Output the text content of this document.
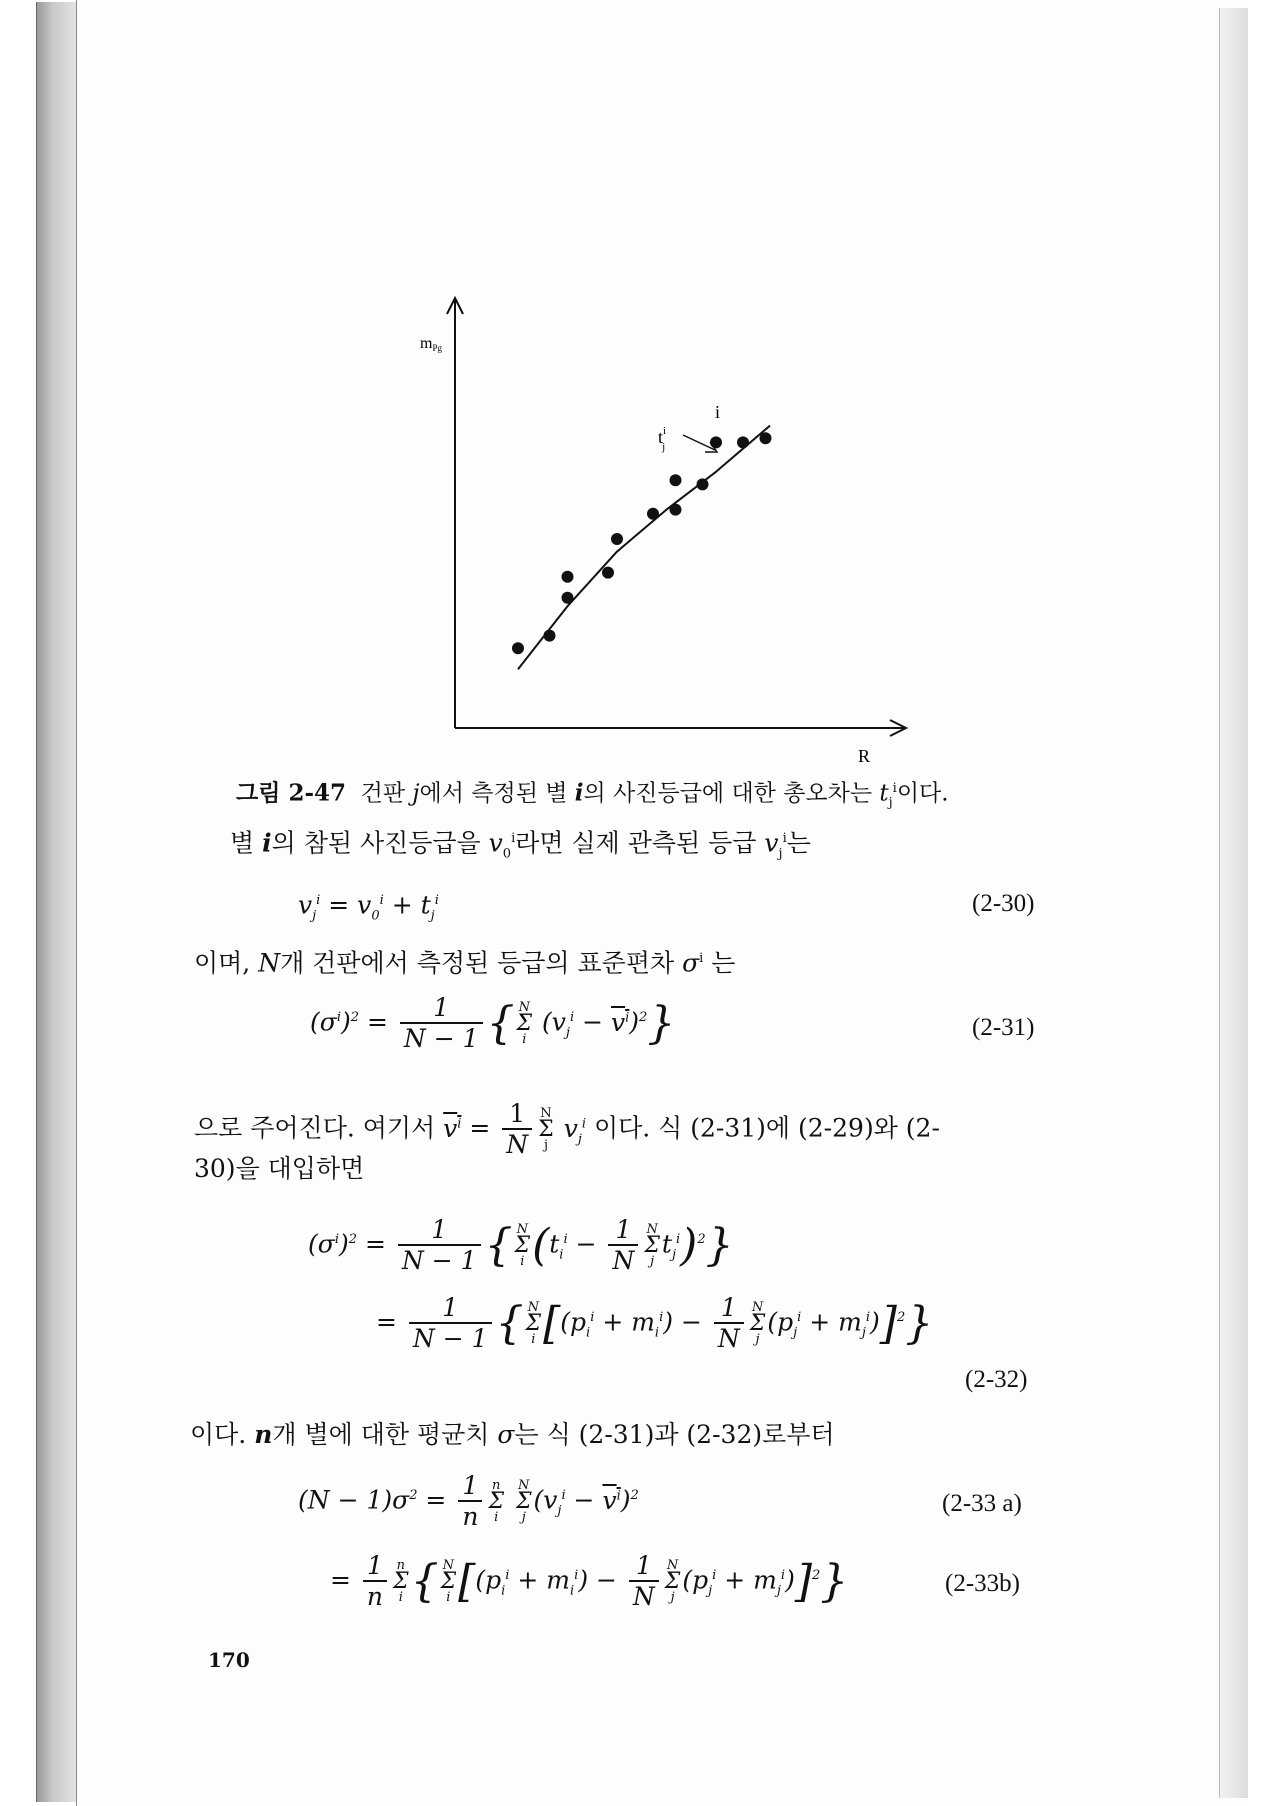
mPg
R
i
$t^i$ j
그림 2-47 건판 j에서 측정된 별 i의 사진등급에 대한 총오차는 $t_j^i$이다.
별 i의 참된 사진등급을 $v_0^i$라면 실제 관측된 등급 $v_j^i$는
$v_j^i = v_0^i + t_j^i$	(2-30)
이며, N개 건판에서 측정된 등급의 표준편차 $\sigma^i$ 는
$(\sigma^i)^2 = \frac{1}{N - 1}$ { N
Σ
i $(v_j^i - v^i)^2$}	(2-31)
으로 주어진다. 여기서 $v^i = \frac{1}{N}$ N
Σ
j $v_j^i$ 이다. 식 (2-31)에 (2-29)와 (2-
30)을 대입하면
$(\sigma^i)^2 = \frac{1}{N - 1}$ { N
Σ
i ($t_i^i - \frac{1}{N}$ N
Σ
$jt_j^i)^2$}
= $\frac{1}{N - 1}$ { N
Σ
i [$(p_i^i + m_i^i) - \frac{1}{N}$ N
Σ
$j(p_j^i + m_j^i)]^2$}
(2-32)
이다. n개 별에 대한 평균치 σ는 식 (2-31)과 (2-32)로부터
$(N - 1)\sigma^2 = \frac{1}{n}$ n
Σ
i N
Σ
$j(v_j^i - v^i)^2$	(2-33 a)
= $\frac{1}{n}$ n
Σ
i { N
Σ
i [$(p_i^i + m_i^i) - \frac{1}{N}$ N
Σ
$j(p_j^i + m_j^i)]^2$}	(2-33b)
170
